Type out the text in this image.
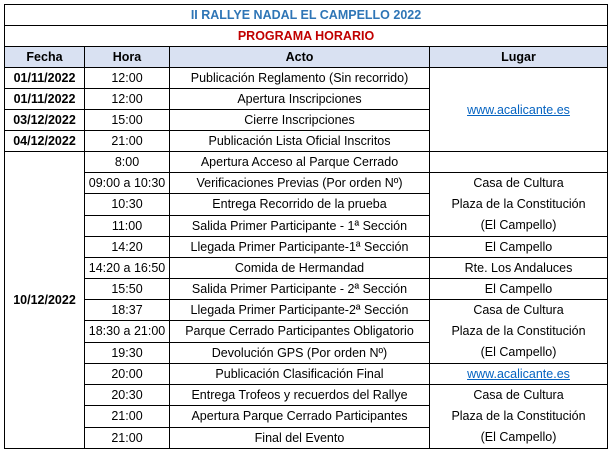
II RALLYE NADAL EL CAMPELLO 2022			
PROGRAMA HORARIO			
Fecha	Hora	Acto	Lugar
01/11/2022	12:00	Publicación Reglamento (Sin recorrido)	www.acalicante.es
01/11/2022	12:00	Apertura Inscripciones	
03/12/2022	15:00	Cierre Inscripciones	
04/12/2022	21:00	Publicación Lista Oficial Inscritos	
10/12/2022	8:00	Apertura Acceso al Parque Cerrado	
	09:00 a 10:30	Verificaciones Previas (Por orden Nº)	Casa de Cultura
Plaza de la Constitución
(El Campello)

	10:30	Entrega Recorrido de la prueba	
	11:00	Salida Primer Participante - 1ª Sección	
	14:20	Llegada Primer Participante-1ª Sección	El Campello
	14:20 a 16:50	Comida de Hermandad	Rte. Los Andaluces
	15:50	Salida Primer Participante - 2ª Sección	El Campello
	18:37	Llegada Primer Participante-2ª Sección	Casa de Cultura
Plaza de la Constitución
(El Campello)

	18:30 a 21:00	Parque Cerrado Participantes Obligatorio	
	19:30	Devolución GPS (Por orden Nº)	
	20:00	Publicación Clasificación Final	www.acalicante.es
	20:30	Entrega Trofeos y recuerdos del Rallye	Casa de Cultura
Plaza de la Constitución
(El Campello)

	21:00	Apertura Parque Cerrado Participantes	
	21:00	Final del Evento	
